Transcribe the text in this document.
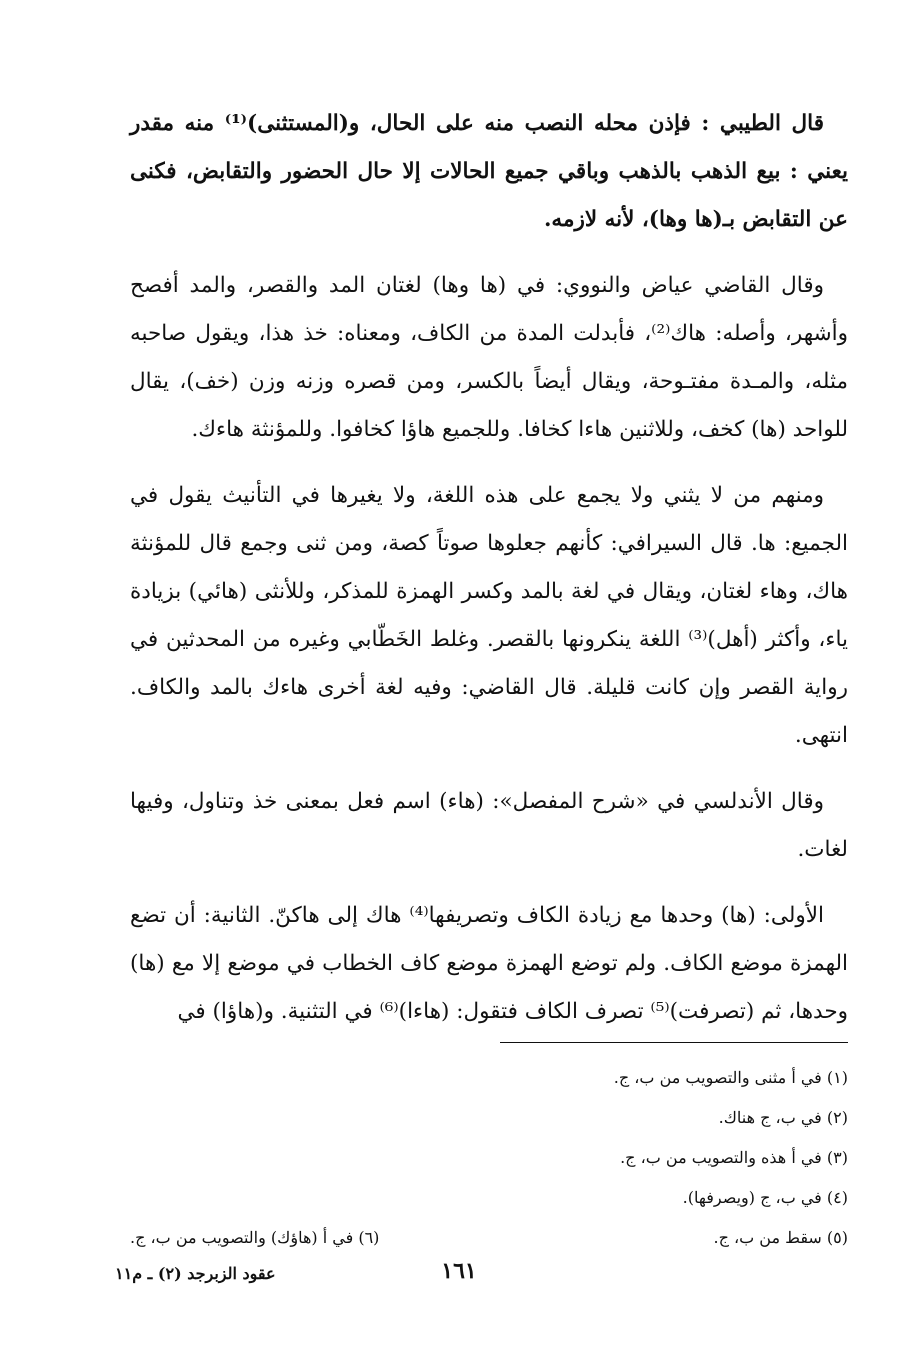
قال الطيبي : فإذن محله النصب منه على الحال، و(المستثنى)⁽¹⁾ منه مقدر يعني : بيع الذهب بالذهب وباقي جميع الحالات إلا حال الحضور والتقابض، فكنى عن التقابض بـ(ها وها)، لأنه لازمه.

وقال القاضي عياض والنووي: في (ها وها) لغتان المد والقصر، والمد أفصح وأشهر، وأصله: هاك⁽²⁾، فأبدلت المدة من الكاف، ومعناه: خذ هذا، ويقول صاحبه مثله، والمـدة مفتـوحة، ويقال أيضاً بالكسر، ومن قصره وزنه وزن (خف)، يقال للواحد (ها) كخف، وللاثنين هاءا كخافا. وللجميع هاؤا كخافوا. وللمؤنثة هاءك.

ومنهم من لا يثني ولا يجمع على هذه اللغة، ولا يغيرها في التأنيث يقول في الجميع: ها. قال السيرافي: كأنهم جعلوها صوتاً كصة، ومن ثنى وجمع قال للمؤنثة هاك، وهاء لغتان، ويقال في لغة بالمد وكسر الهمزة للمذكر، وللأنثى (هائي) بزيادة ياء، وأكثر (أهل)⁽³⁾ اللغة ينكرونها بالقصر. وغلط الخَطّابي وغيره من المحدثين في رواية القصر وإن كانت قليلة. قال القاضي: وفيه لغة أخرى هاءك بالمد والكاف. انتهى.

وقال الأندلسي في «شرح المفصل»: (هاء) اسم فعل بمعنى خذ وتناول، وفيها لغات.

الأولى: (ها) وحدها مع زيادة الكاف وتصريفها⁽⁴⁾ هاك إلى هاكنّ. الثانية: أن تضع الهمزة موضع الكاف. ولم توضع الهمزة موضع كاف الخطاب في موضع إلا مع (ها) وحدها، ثم (تصرفت)⁽⁵⁾ تصرف الكاف فتقول: (هاءا)⁽⁶⁾ في التثنية. و(هاؤا) في

(١) في أ مثنى والتصويب من ب، ج.
(٢) في ب، ج هناك.
(٣) في أ هذه والتصويب من ب، ج.
(٤) في ب، ج (ويصرفها).
(٥) سقط من ب، ج.
(٦) في أ (هاؤك) والتصويب من ب، ج.
١٦١
عقود الزبرجد (٢) ـ م١١
